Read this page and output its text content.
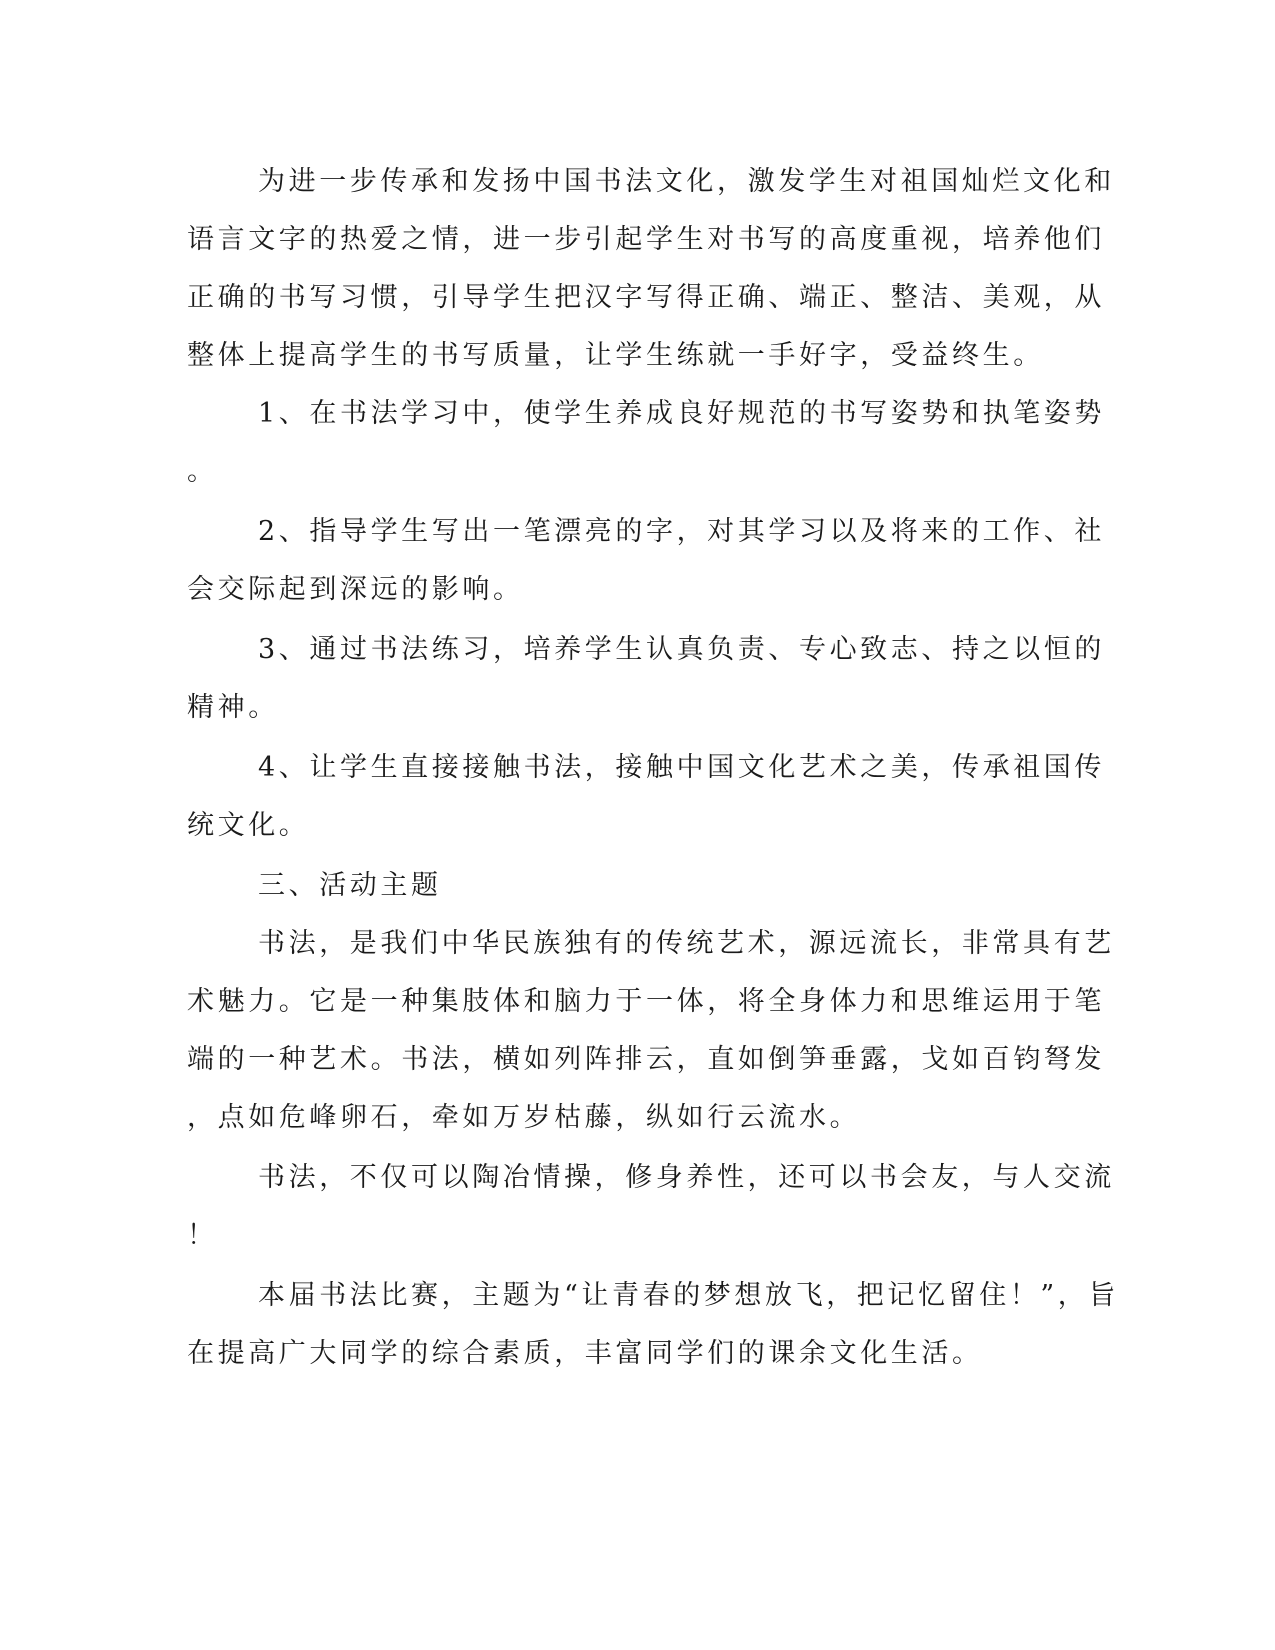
为进一步传承和发扬中国书法文化，激发学生对祖国灿烂文化和
语言文字的热爱之情，进一步引起学生对书写的高度重视，培养他们
正确的书写习惯，引导学生把汉字写得正确、端正、整洁、美观，从
整体上提高学生的书写质量，让学生练就一手好字，受益终生。
1、在书法学习中，使学生养成良好规范的书写姿势和执笔姿势
。
2、指导学生写出一笔漂亮的字，对其学习以及将来的工作、社
会交际起到深远的影响。
3、通过书法练习，培养学生认真负责、专心致志、持之以恒的
精神。
4、让学生直接接触书法，接触中国文化艺术之美，传承祖国传
统文化。
三、活动主题
书法，是我们中华民族独有的传统艺术，源远流长，非常具有艺
术魅力。它是一种集肢体和脑力于一体，将全身体力和思维运用于笔
端的一种艺术。书法，横如列阵排云，直如倒笋垂露，戈如百钧弩发
，点如危峰卵石，牵如万岁枯藤，纵如行云流水。
书法，不仅可以陶冶情操，修身养性，还可以书会友，与人交流
！
本届书法比赛，主题为“让青春的梦想放飞，把记忆留住！”，旨
在提高广大同学的综合素质，丰富同学们的课余文化生活。
